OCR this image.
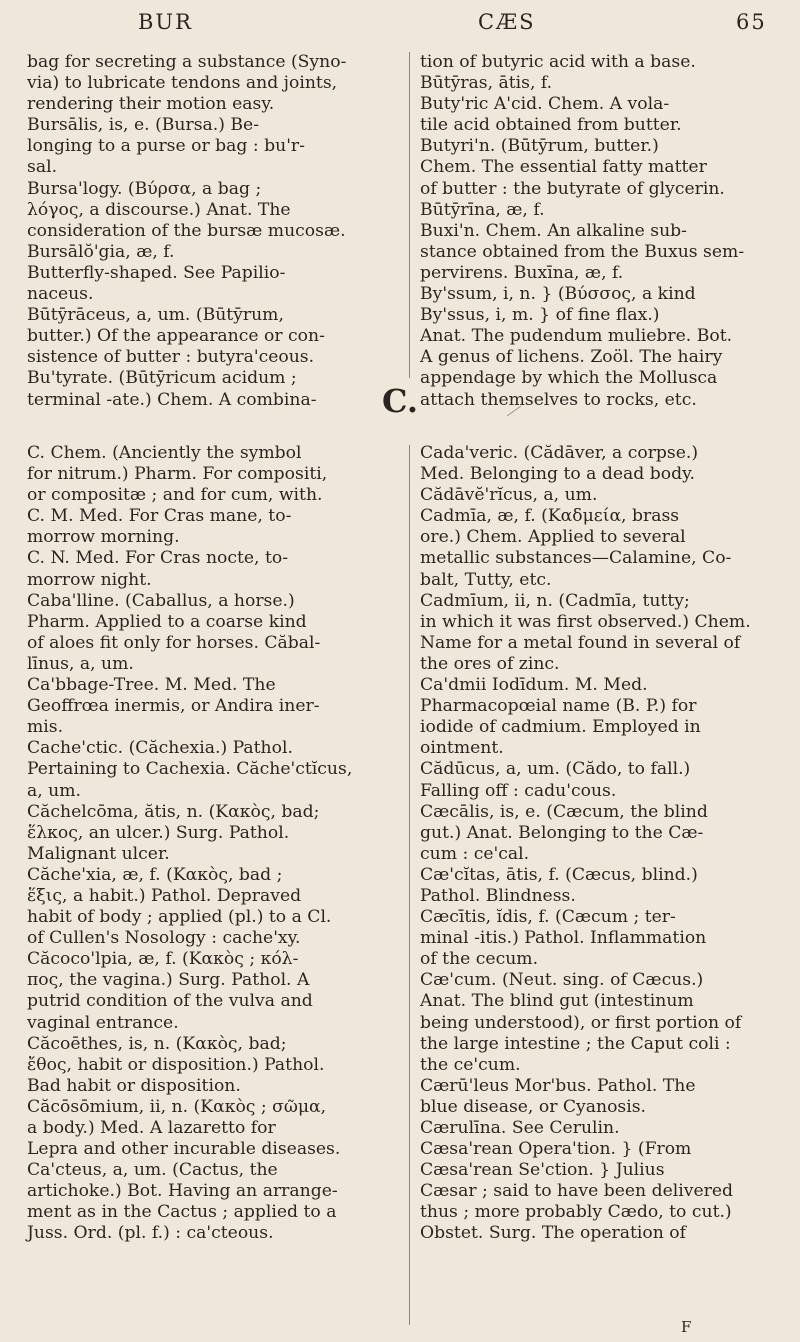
BUR	CÆS	65
bag for secreting a substance (Syno-
via) to lubricate tendons and joints,
rendering their motion easy.
Bursālis, is, e. (Bursa.) Be-
longing to a purse or bag : bu'r-
sal.
Bursa'logy. (Βύρσα, a bag ;
λόγος, a discourse.) Anat. The
consideration of the bursæ mucosæ.
Bursālŏ'gia, æ, f.
Butterfly-shaped. See Papilio-
naceus.
Būtȳrāceus, a, um. (Būtȳrum,
butter.) Of the appearance or con-
sistence of butter : butyra'ceous.
Bu'tyrate. (Būtȳricum acidum ;
terminal -ate.) Chem. A combina-
tion of butyric acid with a base.
Būtȳras, ātis, f.
Buty'ric A'cid. Chem. A vola-
tile acid obtained from butter.
Butyri'n. (Būtȳrum, butter.)
Chem. The essential fatty matter
of butter : the butyrate of glycerin.
Būtȳrīna, æ, f.
Buxi'n. Chem. An alkaline sub-
stance obtained from the Buxus sem-
pervirens. Buxīna, æ, f.
By'ssum, i, n. } (Βύσσος, a kind
By'ssus, i, m. } of fine flax.)
Anat. The pudendum muliebre. Bot.
A genus of lichens. Zoöl. The hairy
appendage by which the Mollusca
attach themselves to rocks, etc.
C.
C. Chem. (Anciently the symbol
for nitrum.) Pharm. For compositi,
or compositæ ; and for cum, with.
C. M. Med. For Cras mane, to-
morrow morning.
C. N. Med. For Cras nocte, to-
morrow night.
Caba'lline. (Caballus, a horse.)
Pharm. Applied to a coarse kind
of aloes fit only for horses. Căbal-
līnus, a, um.
Ca'bbage-Tree. M. Med. The
Geoffrœa inermis, or Andira iner-
mis.
Cache'ctic. (Căchexia.) Pathol.
Pertaining to Cachexia. Căche'ctĭcus,
a, um.
Căchelcōma, ătis, n. (Κακὸς, bad;
ἕλκος, an ulcer.) Surg. Pathol.
Malignant ulcer.
Căche'xia, æ, f. (Κακὸς, bad ;
ἕξις, a habit.) Pathol. Depraved
habit of body ; applied (pl.) to a Cl.
of Cullen's Nosology : cache'xy.
Căcoco'lpia, æ, f. (Κακὸς ; κόλ-
πος, the vagina.) Surg. Pathol. A
putrid condition of the vulva and
vaginal entrance.
Căcoēthes, is, n. (Κακὸς, bad;
ἔθος, habit or disposition.) Pathol.
Bad habit or disposition.
Căcōsōmium, ii, n. (Κακὸς ; σῶμα,
a body.) Med. A lazaretto for
Lepra and other incurable diseases.
Ca'cteus, a, um. (Cactus, the
artichoke.) Bot. Having an arrange-
ment as in the Cactus ; applied to a
Juss. Ord. (pl. f.) : ca'cteous.
Cada'veric. (Cădāver, a corpse.)
Med. Belonging to a dead body.
Cădāvĕ'rĭcus, a, um.
Cadmīa, æ, f. (Καδμεία, brass
ore.) Chem. Applied to several
metallic substances—Calamine, Co-
balt, Tutty, etc.
Cadmīum, ii, n. (Cadmīa, tutty;
in which it was first observed.) Chem.
Name for a metal found in several of
the ores of zinc.
Ca'dmii Iodīdum. M. Med.
Pharmacopœial name (B. P.) for
iodide of cadmium. Employed in
ointment.
Cădūcus, a, um. (Cădo, to fall.)
Falling off : cadu'cous.
Cæcālis, is, e. (Cæcum, the blind
gut.) Anat. Belonging to the Cæ-
cum : ce'cal.
Cæ'cĭtas, ātis, f. (Cæcus, blind.)
Pathol. Blindness.
Cæcītis, ĭdis, f. (Cæcum ; ter-
minal -itis.) Pathol. Inflammation
of the cecum.
Cæ'cum. (Neut. sing. of Cæcus.)
Anat. The blind gut (intestinum
being understood), or first portion of
the large intestine ; the Caput coli :
the ce'cum.
Cærū'leus Mor'bus. Pathol. The
blue disease, or Cyanosis.
Cærulīna. See Cerulin.
Cæsa'rean Opera'tion. } (From
Cæsa'rean Se'ction. } Julius
Cæsar ; said to have been delivered
thus ; more probably Cædo, to cut.)
Obstet. Surg. The operation of
F
